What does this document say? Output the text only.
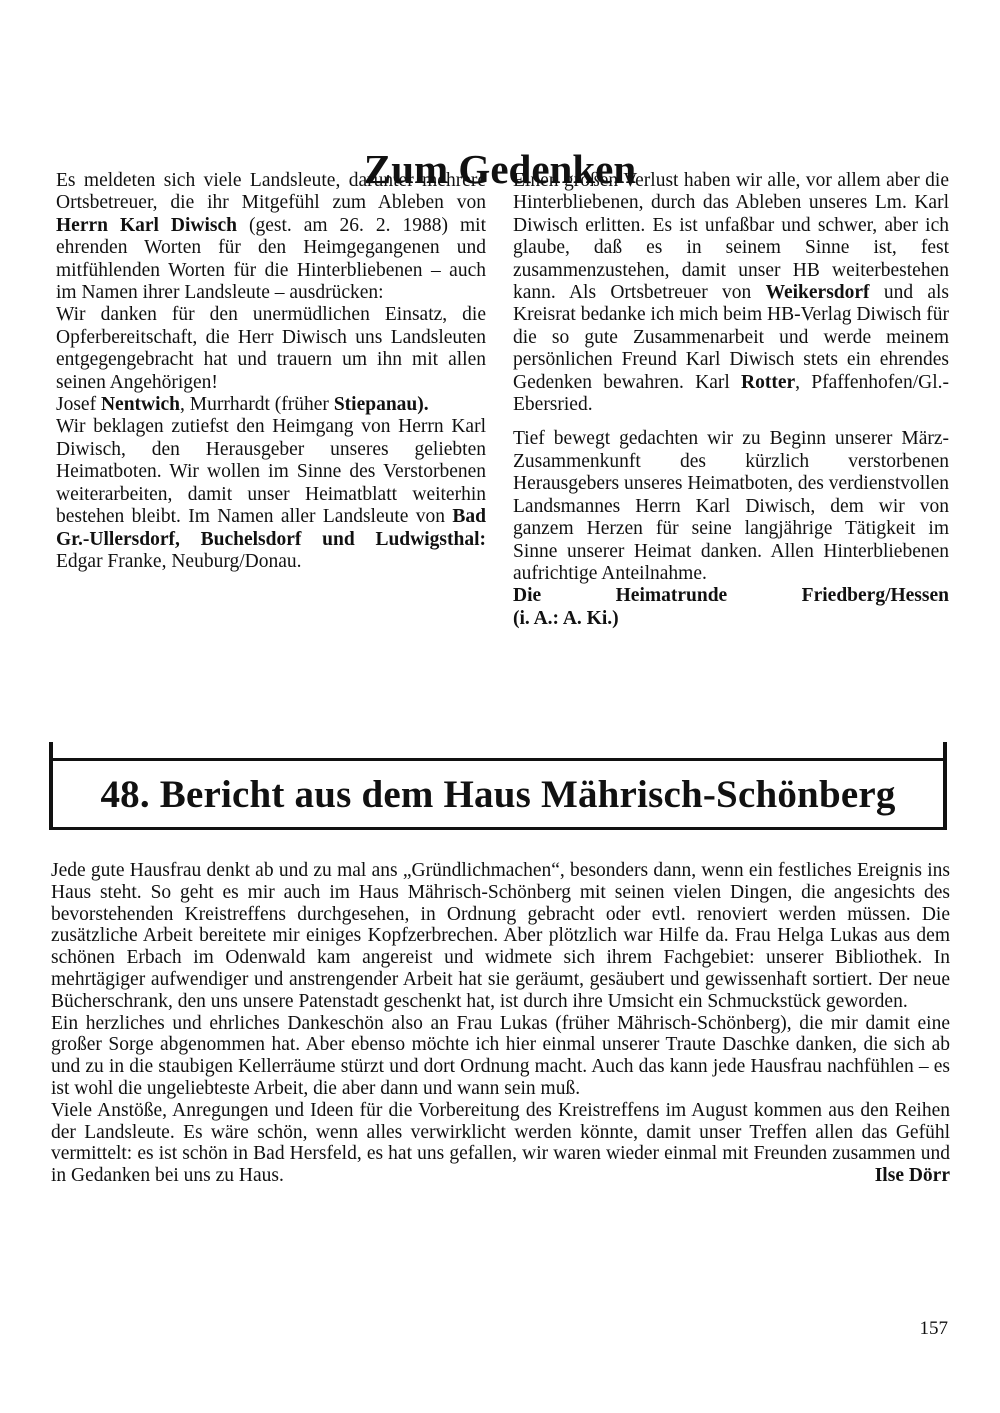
Zum Gedenken

Es meldeten sich viele Landsleute, darunter mehrere Ortsbetreuer, die ihr Mitgefühl zum Ableben von Herrn Karl Diwisch (gest. am 26. 2. 1988) mit ehrenden Worten für den Heimgegangenen und mitfühlenden Worten für die Hinterbliebenen – auch im Namen ihrer Landsleute – ausdrücken:

Wir danken für den unermüdlichen Einsatz, die Opferbereitschaft, die Herr Diwisch uns Landsleuten entgegengebracht hat und trauern um ihn mit allen seinen Angehörigen!

Josef Nentwich, Murrhardt (früher Stiepanau).

Wir beklagen zutiefst den Heimgang von Herrn Karl Diwisch, den Herausgeber unseres geliebten Heimatboten. Wir wollen im Sinne des Verstorbenen weiterarbeiten, damit unser Heimatblatt weiterhin bestehen bleibt. Im Namen aller Landsleute von Bad Gr.-Ullersdorf, Buchelsdorf und Ludwigsthal: Edgar Franke, Neuburg/Donau.

Einen großen Verlust haben wir alle, vor allem aber die Hinterbliebenen, durch das Ableben unseres Lm. Karl Diwisch erlitten. Es ist unfaßbar und schwer, aber ich glaube, daß es in seinem Sinne ist, fest zusammenzustehen, damit unser HB weiterbestehen kann. Als Ortsbetreuer von Weikersdorf und als Kreisrat bedanke ich mich beim HB-Verlag Diwisch für die so gute Zusammenarbeit und werde meinem persönlichen Freund Karl Diwisch stets ein ehrendes Gedenken bewahren. Karl Rotter, Pfaffenhofen/Gl.-Ebersried.

Tief bewegt gedachten wir zu Beginn unserer März-Zusammenkunft des kürzlich verstorbenen Herausgebers unseres Heimatboten, des verdienstvollen Landsmannes Herrn Karl Diwisch, dem wir von ganzem Herzen für seine langjährige Tätigkeit im Sinne unserer Heimat danken. Allen Hinterbliebenen aufrichtige Anteilnahme.

Die Heimatrunde Friedberg/Hessen
(i. A.: A. Ki.)

48. Bericht aus dem Haus Mährisch-Schönberg

Jede gute Hausfrau denkt ab und zu mal ans „Gründlichmachen“, besonders dann, wenn ein festliches Ereignis ins Haus steht. So geht es mir auch im Haus Mährisch-Schönberg mit seinen vielen Dingen, die angesichts des bevorstehenden Kreistreffens durchgesehen, in Ordnung gebracht oder evtl. renoviert werden müssen. Die zusätzliche Arbeit bereitete mir einiges Kopfzerbrechen. Aber plötzlich war Hilfe da. Frau Helga Lukas aus dem schönen Erbach im Odenwald kam angereist und widmete sich ihrem Fachgebiet: unserer Bibliothek. In mehrtägiger aufwendiger und anstrengender Arbeit hat sie geräumt, gesäubert und gewissenhaft sortiert. Der neue Bücherschrank, den uns unsere Patenstadt geschenkt hat, ist durch ihre Umsicht ein Schmuckstück geworden.

Ein herzliches und ehrliches Dankeschön also an Frau Lukas (früher Mährisch-Schönberg), die mir damit eine großer Sorge abgenommen hat. Aber ebenso möchte ich hier einmal unserer Traute Daschke danken, die sich ab und zu in die staubigen Kellerräume stürzt und dort Ordnung macht. Auch das kann jede Hausfrau nachfühlen – es ist wohl die ungeliebteste Arbeit, die aber dann und wann sein muß.

Viele Anstöße, Anregungen und Ideen für die Vorbereitung des Kreistreffens im August kommen aus den Reihen der Landsleute. Es wäre schön, wenn alles verwirklicht werden könnte, damit unser Treffen allen das Gefühl vermittelt: es ist schön in Bad Hersfeld, es hat uns gefallen, wir waren wieder einmal mit Freunden zusammen und in Gedanken bei uns zu Haus.	Ilse Dörr

157
